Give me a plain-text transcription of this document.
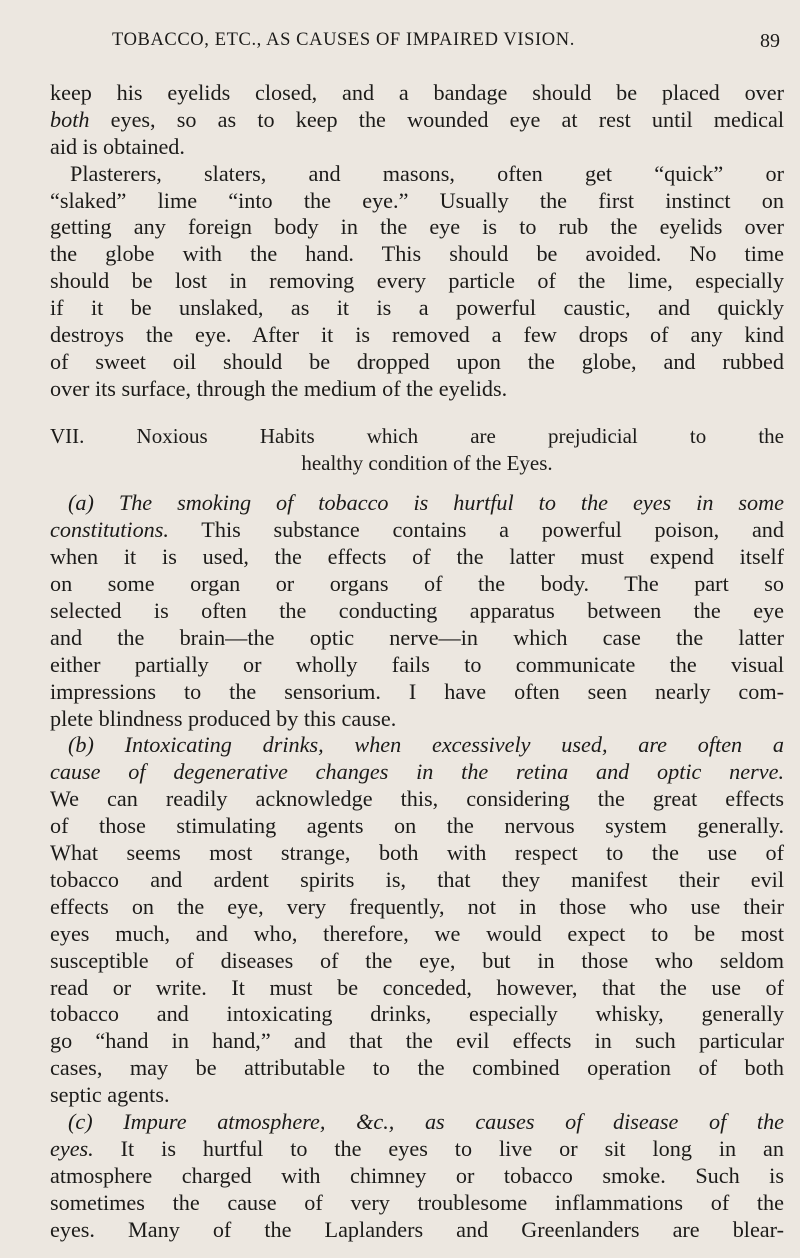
TOBACCO, ETC., AS CAUSES OF IMPAIRED VISION.	89
keep his eyelids closed, and a bandage should be placed over
both eyes, so as to keep the wounded eye at rest until medical
aid is obtained.
Plasterers, slaters, and masons, often get “quick” or
“slaked” lime “into the eye.” Usually the first instinct on
getting any foreign body in the eye is to rub the eyelids over
the globe with the hand. This should be avoided. No time
should be lost in removing every particle of the lime, especially
if it be unslaked, as it is a powerful caustic, and quickly
destroys the eye. After it is removed a few drops of any kind
of sweet oil should be dropped upon the globe, and rubbed
over its surface, through the medium of the eyelids.
VII. Noxious Habits which are prejudicial to the
healthy condition of the Eyes.
(a) The smoking of tobacco is hurtful to the eyes in some
constitutions. This substance contains a powerful poison, and
when it is used, the effects of the latter must expend itself
on some organ or organs of the body. The part so
selected is often the conducting apparatus between the eye
and the brain—the optic nerve—in which case the latter
either partially or wholly fails to communicate the visual
impressions to the sensorium. I have often seen nearly com-
plete blindness produced by this cause.
(b) Intoxicating drinks, when excessively used, are often a
cause of degenerative changes in the retina and optic nerve.
We can readily acknowledge this, considering the great effects
of those stimulating agents on the nervous system generally.
What seems most strange, both with respect to the use of
tobacco and ardent spirits is, that they manifest their evil
effects on the eye, very frequently, not in those who use their
eyes much, and who, therefore, we would expect to be most
susceptible of diseases of the eye, but in those who seldom
read or write. It must be conceded, however, that the use of
tobacco and intoxicating drinks, especially whisky, generally
go “hand in hand,” and that the evil effects in such particular
cases, may be attributable to the combined operation of both
septic agents.
(c) Impure atmosphere, &c., as causes of disease of the
eyes. It is hurtful to the eyes to live or sit long in an
atmosphere charged with chimney or tobacco smoke. Such is
sometimes the cause of very troublesome inflammations of the
eyes. Many of the Laplanders and Greenlanders are blear-
